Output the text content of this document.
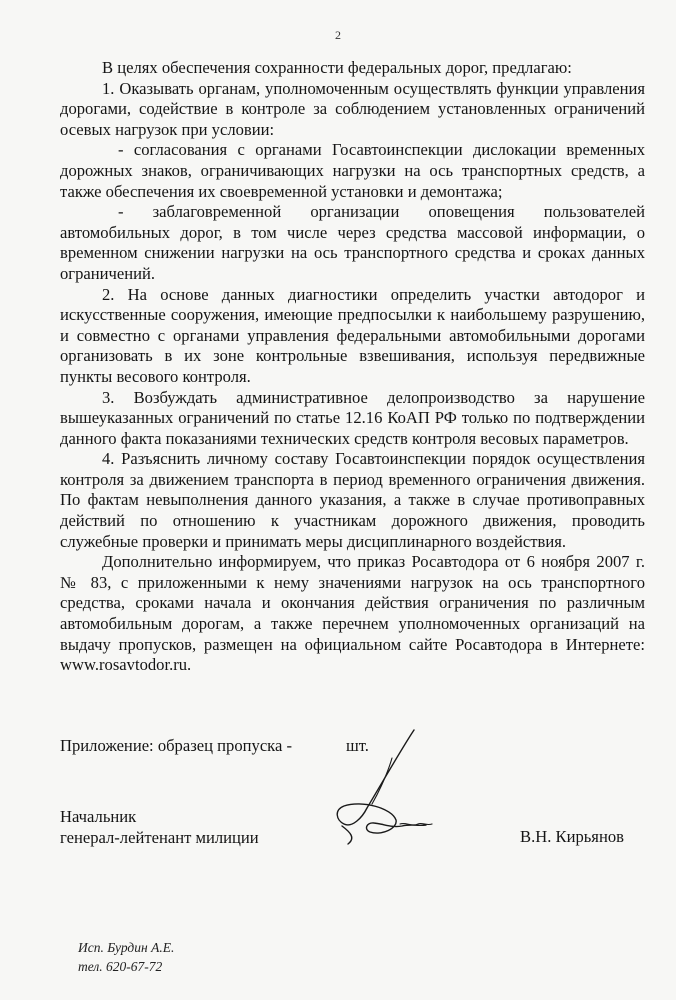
2

В целях обеспечения сохранности федеральных дорог, предлагаю:

1. Оказывать органам, уполномоченным осуществлять функции управления дорогами, содействие в контроле за соблюдением установленных ограничений осевых нагрузок при условии:

- согласования с органами Госавтоинспекции дислокации временных дорожных знаков, ограничивающих нагрузки на ось транспортных средств, а также обеспечения их своевременной установки и демонтажа;

- заблаговременной организации оповещения пользователей автомобильных дорог, в том числе через средства массовой информации, о временном снижении нагрузки на ось транспортного средства и сроках данных ограничений.

2. На основе данных диагностики определить участки автодорог и искусственные сооружения, имеющие предпосылки к наибольшему разрушению, и совместно с органами управления федеральными автомобильными дорогами организовать в их зоне контрольные взвешивания, используя передвижные пункты весового контроля.

3. Возбуждать административное делопроизводство за нарушение вышеуказанных ограничений по статье 12.16 КоАП РФ только по подтверждении данного факта показаниями технических средств контроля весовых параметров.

4. Разъяснить личному составу Госавтоинспекции порядок осуществления контроля за движением транспорта в период временного ограничения движения. По фактам невыполнения данного указания, а также в случае противоправных действий по отношению к участникам дорожного движения, проводить служебные проверки и принимать меры дисциплинарного воздействия.

Дополнительно информируем, что приказ Росавтодора от 6 ноября 2007 г. № 83, с приложенными к нему значениями нагрузок на ось транспортного средства, сроками начала и окончания действия ограничения по различным автомобильным дорогам, а также перечнем уполномоченных организаций на выдачу пропусков, размещен на официальном сайте Росавтодора в Интернете: www.rosavtodor.ru.

Приложение: образец пропуска -	шт.
Начальник
генерал-лейтенант милиции	В.Н. Кирьянов
Исп. Бурдин А.Е.
тел. 620-67-72
